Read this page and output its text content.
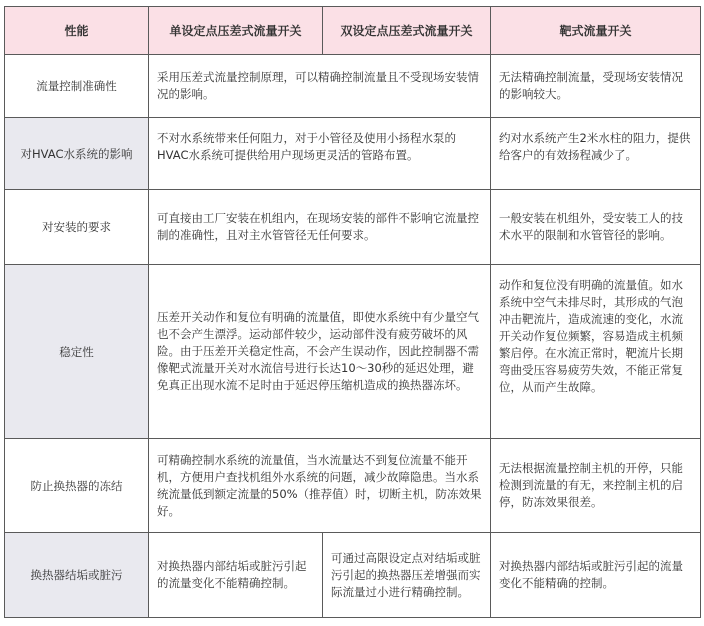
性能	单设定点压差式流量开关	双设定点压差式流量开关	靶式流量开关
流量控制准确性	采用压差式流量控制原理，可以精确控制流量且不受现场安装情况的影响。		无法精确控制流量，受现场安装情况的影响较大。
对HVAC水系统的影响	不对水系统带来任何阻力，对于小管径及使用小扬程水泵的HVAC水系统可提供给用户现场更灵活的管路布置。		约对水系统产生2米水柱的阻力，提供给客户的有效扬程减少了。
对安装的要求	可直接由工厂安装在机组内，在现场安装的部件不影响它流量控制的准确性，且对主水管管径无任何要求。		一般安装在机组外，受安装工人的技术水平的限制和水管管径的影响。
稳定性	压差开关动作和复位有明确的流量值，即使水系统中有少量空气也不会产生漂浮。运动部件较少，运动部件没有疲劳破坏的风险。由于压差开关稳定性高，不会产生误动作，因此控制器不需像靶式流量开关对水流信号进行长达10～30秒的延迟处理，避免真正出现水流不足时由于延迟停压缩机造成的换热器冻坏。		动作和复位没有明确的流量值。如水系统中空气未排尽时，其形成的气泡冲击靶流片，造成流速的变化，水流开关动作复位频繁，容易造成主机频繁启停。在水流正常时，靶流片长期弯曲受压容易疲劳失效，不能正常复位，从而产生故障。
防止换热器的冻结	可精确控制水系统的流量值，当水流量达不到复位流量不能开机，方便用户查找机组外水系统的问题，减少故障隐患。当水系统流量低到额定流量的50%（推荐值）时，切断主机，防冻效果好。		无法根据流量控制主机的开停，只能检测到流量的有无，来控制主机的启停，防冻效果很差。
换热器结垢或脏污	对换热器内部结垢或脏污引起的流量变化不能精确控制。	可通过高限设定点对结垢或脏污引起的换热器压差增强而实际流量过小进行精确控制。	对换热器内部结垢或脏污引起的流量变化不能精确的控制。
